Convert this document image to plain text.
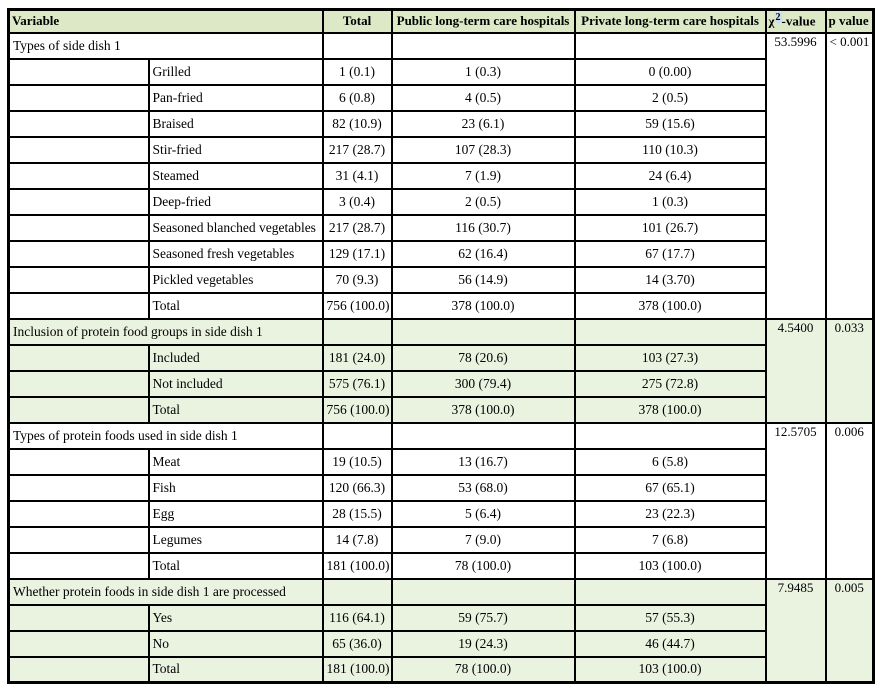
Variable		Total	Public long-term care hospitals	Private long-term care hospitals	$\chi^2$-value	p value
Types of side dish 1					53.5996	< 0.001
	Grilled	1 (0.1)	1 (0.3)	0 (0.00)		
	Pan-fried	6 (0.8)	4 (0.5)	2 (0.5)		
	Braised	82 (10.9)	23 (6.1)	59 (15.6)		
	Stir-fried	217 (28.7)	107 (28.3)	110 (10.3)		
	Steamed	31 (4.1)	7 (1.9)	24 (6.4)		
	Deep-fried	3 (0.4)	2 (0.5)	1 (0.3)		
	Seasoned blanched vegetables	217 (28.7)	116 (30.7)	101 (26.7)		
	Seasoned fresh vegetables	129 (17.1)	62 (16.4)	67 (17.7)		
	Pickled vegetables	70 (9.3)	56 (14.9)	14 (3.70)		
	Total	756 (100.0)	378 (100.0)	378 (100.0)		
Inclusion of protein food groups in side dish 1					4.5400	0.033
	Included	181 (24.0)	78 (20.6)	103 (27.3)		
	Not included	575 (76.1)	300 (79.4)	275 (72.8)		
	Total	756 (100.0)	378 (100.0)	378 (100.0)		
Types of protein foods used in side dish 1					12.5705	0.006
	Meat	19 (10.5)	13 (16.7)	6 (5.8)		
	Fish	120 (66.3)	53 (68.0)	67 (65.1)		
	Egg	28 (15.5)	5 (6.4)	23 (22.3)		
	Legumes	14 (7.8)	7 (9.0)	7 (6.8)		
	Total	181 (100.0)	78 (100.0)	103 (100.0)		
Whether protein foods in side dish 1 are processed					7.9485	0.005
	Yes	116 (64.1)	59 (75.7)	57 (55.3)		
	No	65 (36.0)	19 (24.3)	46 (44.7)		
	Total	181 (100.0)	78 (100.0)	103 (100.0)		
